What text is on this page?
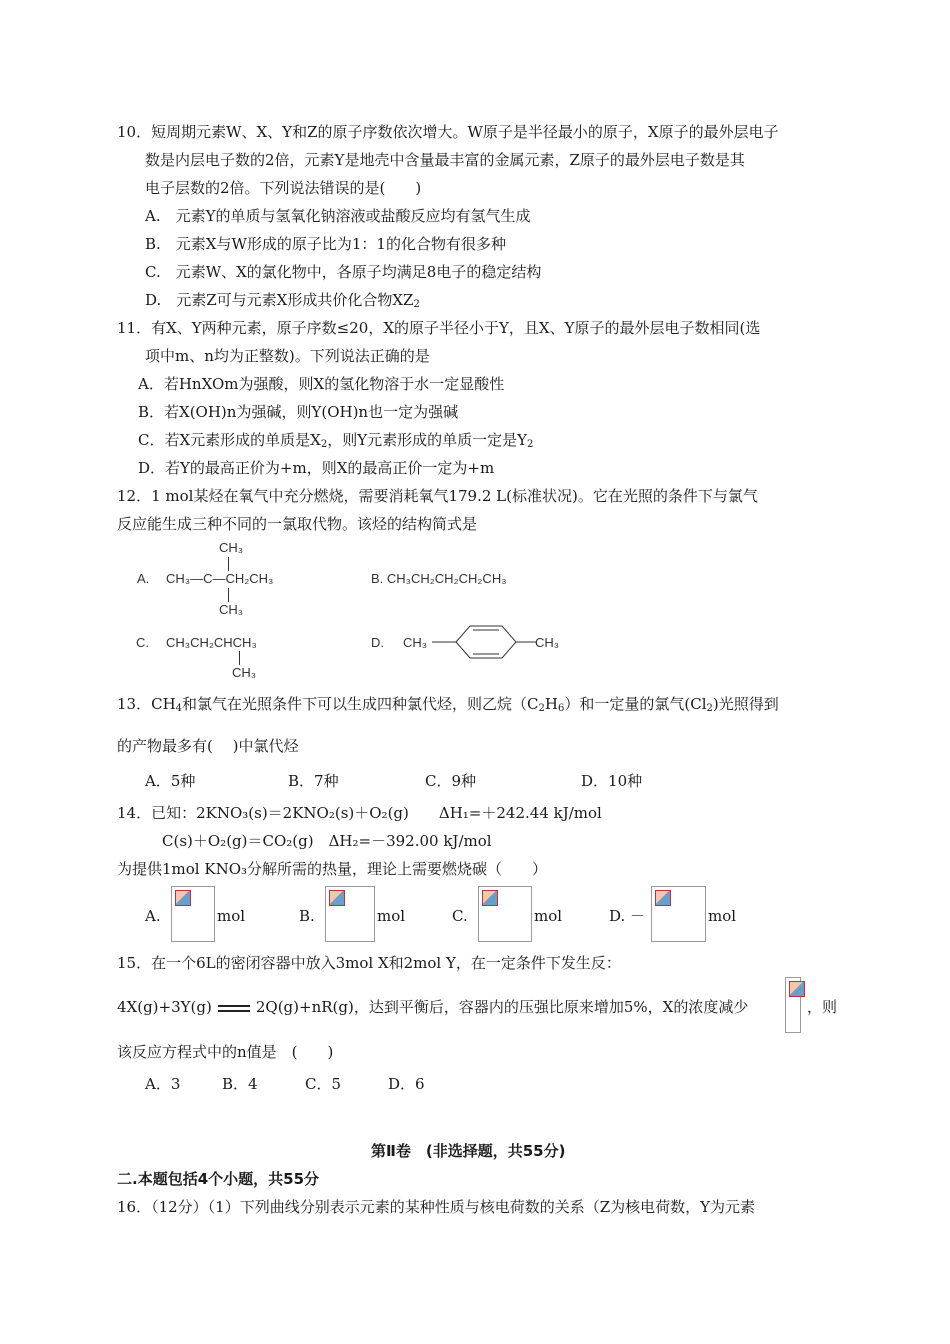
10．短周期元素W、X、Y和Z的原子序数依次增大。W原子是半径最小的原子，X原子的最外层电子
数是内层电子数的2倍，元素Y是地壳中含量最丰富的金属元素，Z原子的最外层电子数是其
电子层数的2倍。下列说法错误的是(　　)
A.　元素Y的单质与氢氧化钠溶液或盐酸反应均有氢气生成
B.　元素X与W形成的原子比为1：1的化合物有很多种
C.　元素W、X的氯化物中，各原子均满足8电子的稳定结构
D.　元素Z可与元素X形成共价化合物$XZ_2$
11．有X、Y两种元素，原子序数≤20，X的原子半径小于Y，且X、Y原子的最外层电子数相同(选
项中m、n均为正整数)。下列说法正确的是
A．若HnXOm为强酸，则X的氢化物溶于水一定显酸性
B．若X(OH)n为强碱，则Y(OH)n也一定为强碱
C．若X元素形成的单质是$X_2$，则Y元素形成的单质一定是$Y_2$
D．若Y的最高正价为+m，则X的最高正价一定为+m
12．1 mol某烃在氧气中充分燃烧，需要消耗氧气179.2 L(标准状况)。它在光照的条件下与氯气
反应能生成三种不同的一氯取代物。该烃的结构简式是
CH₃
A. CH₃—C—CH₂CH₃
CH₃
B. CH₃CH₂CH₂CH₂CH₃
C. CH₃CH₂CHCH₃
CH₃
D. CH₃	CH₃
13．$CH_4$和氯气在光照条件下可以生成四种氯代烃，则乙烷$(C_2H_6)$和一定量的氯气$(Cl_2)$光照得到
的产物最多有(　 )中氯代烃
A．5种	B．7种	C．9种	D．10种
14．已知：2KNO₃(s)＝2KNO₂(s)＋O₂(g)　　ΔH₁=＋242.44 kJ/mol
C(s)＋O₂(g)＝CO₂(g)　ΔH₂=－392.00 kJ/mol
为提供1mol KNO₃分解所需的热量，理论上需要燃烧碳（　　）
A.	mol	B.	mol	C.	mol	D. －	mol
15．在一个6L的密闭容器中放入3mol X和2mol Y，在一定条件下发生反：
4X(g)+3Y(g)	2Q(g)+nR(g)，达到平衡后，容器内的压强比原来增加5%，X的浓度减少	，则
该反应方程式中的n值是　(　　)
A．3	B．4	C．5	D．6
第Ⅱ卷　(非选择题，共55分)
二.本题包括4个小题，共55分
16．（12分）（1）下列曲线分别表示元素的某种性质与核电荷数的关系（Z为核电荷数，Y为元素
